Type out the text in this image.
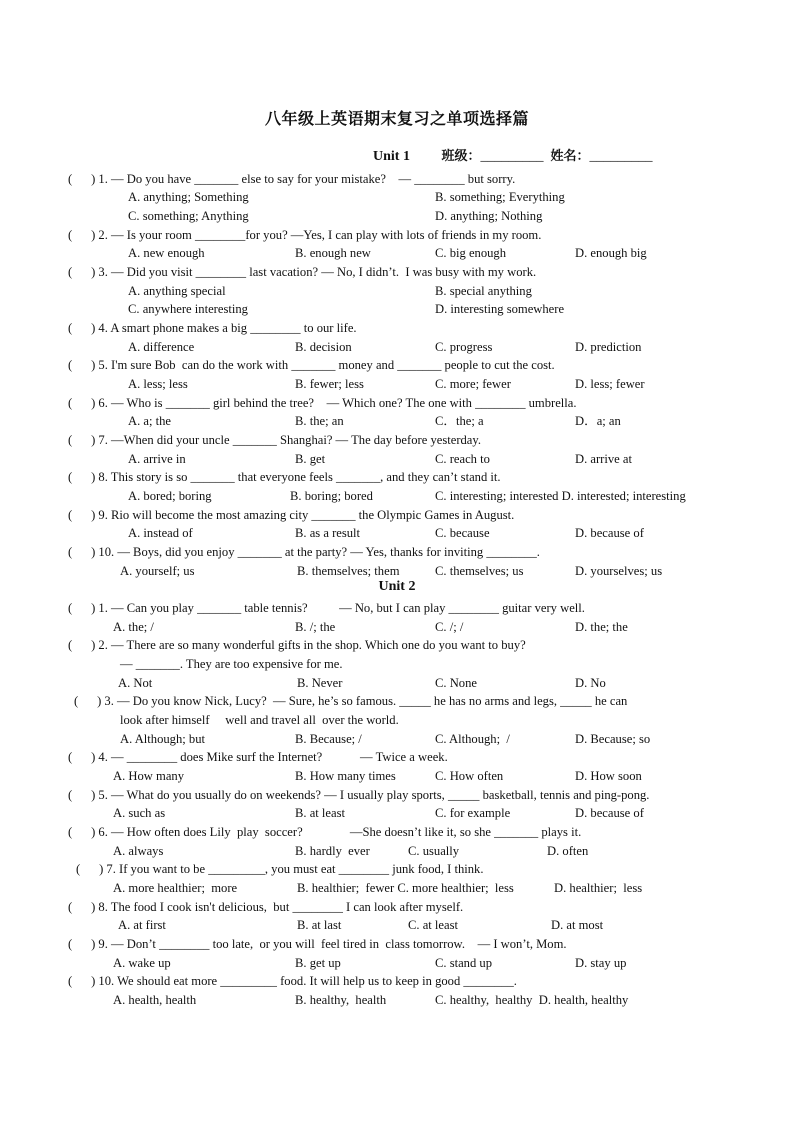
八年级上英语期末复习之单项选择篇
Unit 1 班级：_________ 姓名：_________
Unit 2
(      ) 1. — Do you have _______ else to say for your mistake?    — ________ but sorry.
A. anything; Something	B. something; Everything
C. something; Anything	D. anything; Nothing
(      ) 2. — Is your room ________for you? —Yes, I can play with lots of friends in my room.
A. new enough	B. enough new	C. big enough	D. enough big
(      ) 3. — Did you visit ________ last vacation? — No, I didn’t.  I was busy with my work.
A. anything special	B. special anything
C. anywhere interesting	D. interesting somewhere
(      ) 4. A smart phone makes a big ________ to our life.
A. difference	B. decision	C. progress	D. prediction
(      ) 5. I'm sure Bob  can do the work with _______ money and _______ people to cut the cost.
A. less; less	B. fewer; less	C. more; fewer	D. less; fewer
(      ) 6. — Who is _______ girl behind the tree?    — Which one? The one with ________ umbrella.
A. a; the	B. the; an	C．the; a	D．a; an
(      ) 7. —When did your uncle _______ Shanghai? — The day before yesterday.
A. arrive in	B. get	C. reach to	D. arrive at
(      ) 8. This story is so _______ that everyone feels _______, and they can’t stand it.
A. bored; boring	B. boring; bored	C. interesting; interested D. interested; interesting
(      ) 9. Rio will become the most amazing city _______ the Olympic Games in August.
A. instead of	B. as a result	C. because	D. because of
(      ) 10. — Boys, did you enjoy _______ at the party? — Yes, thanks for inviting ________.
A. yourself; us	B. themselves; them	C. themselves; us	D. yourselves; us
(      ) 1. — Can you play _______ table tennis?          — No, but I can play ________ guitar very well.
A. the; /	B. /; the	C. /; /	D. the; the
(      ) 2. — There are so many wonderful gifts in the shop. Which one do you want to buy?
— _______. They are too expensive for me.
A. Not	B. Never	C. None	D. No
(      ) 3. — Do you know Nick, Lucy?  — Sure, he’s so famous. _____ he has no arms and legs, _____ he can
look after himself     well and travel all  over the world.
A. Although; but	B. Because; /	C. Although;  /	D. Because; so
(      ) 4. — ________ does Mike surf the Internet?            — Twice a week.
A. How many	B. How many times	C. How often	D. How soon
(      ) 5. — What do you usually do on weekends? — I usually play sports, _____ basketball, tennis and ping-pong.
A. such as	B. at least	C. for example	D. because of
(      ) 6. — How often does Lily  play  soccer?               —She doesn’t like it, so she _______ plays it.
A. always	B. hardly  ever	C. usually	D. often
(      ) 7. If you want to be _________, you must eat ________ junk food, I think.
A. more healthier;  more	B. healthier;  fewer C. more healthier;  less	D. healthier;  less
(      ) 8. The food I cook isn't delicious,  but ________ I can look after myself.
A. at first	B. at last	C. at least	D. at most
(      ) 9. — Don’t ________ too late,  or you will  feel tired in  class tomorrow.    — I won’t, Mom.
A. wake up	B. get up	C. stand up	D. stay up
(      ) 10. We should eat more _________ food. It will help us to keep in good ________.
A. health, health	B. healthy,  health	C. healthy,  healthy  D. health, healthy
